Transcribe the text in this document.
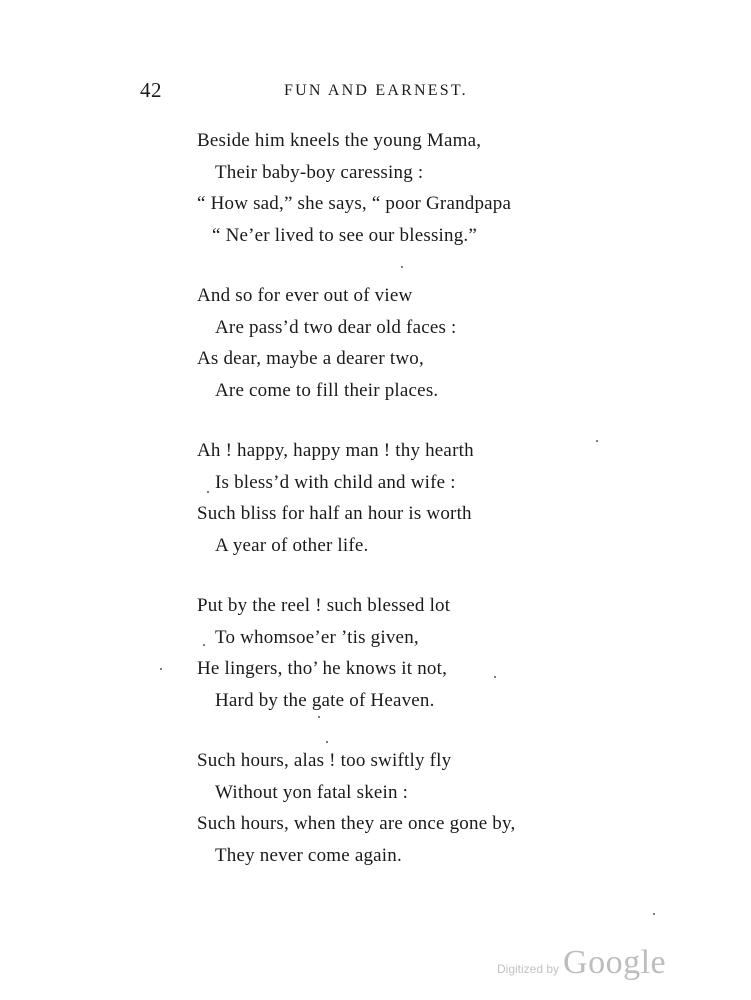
42	FUN AND EARNEST.
Beside him kneels the young Mama,
Their baby-boy caressing :
“ How sad,” she says, “ poor Grandpapa
“ Ne’er lived to see our blessing.”
And so for ever out of view
Are pass’d two dear old faces :
As dear, maybe a dearer two,
Are come to fill their places.
Ah ! happy, happy man ! thy hearth
Is bless’d with child and wife :
Such bliss for half an hour is worth
A year of other life.
Put by the reel ! such blessed lot
To whomsoe’er ’tis given,
He lingers, tho’ he knows it not,
Hard by the gate of Heaven.
Such hours, alas ! too swiftly fly
Without yon fatal skein :
Such hours, when they are once gone by,
They never come again.
Digitized by Google
